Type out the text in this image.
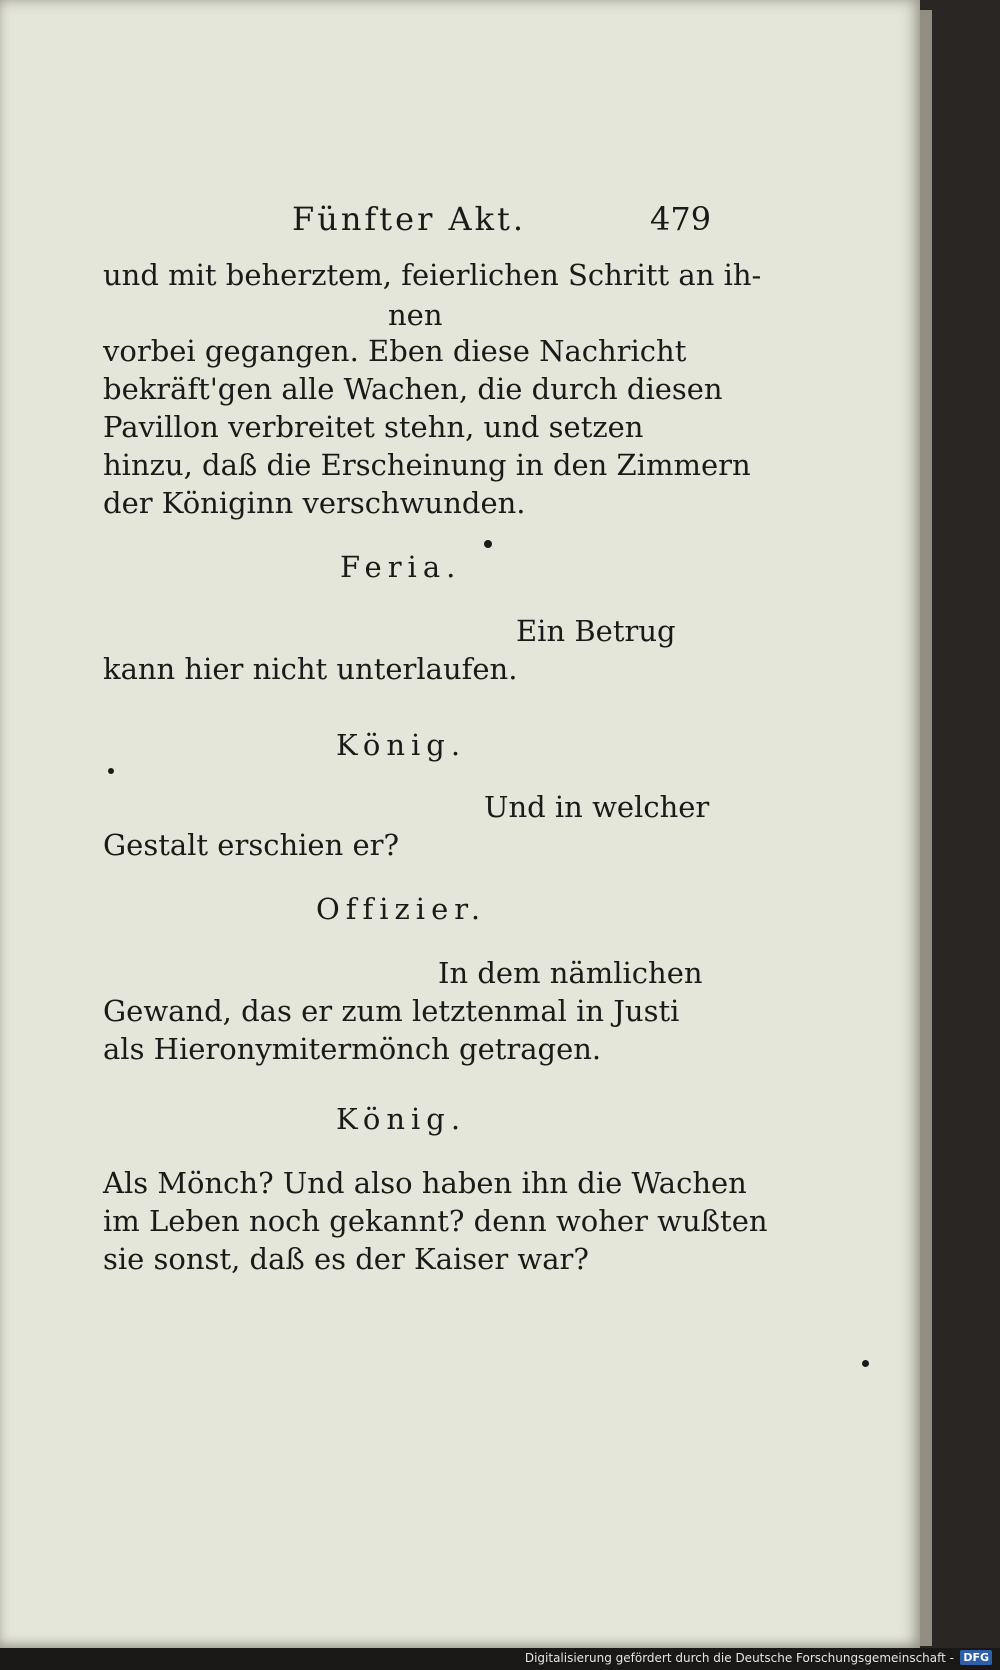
Fünfter Akt.	479
und mit beherztem, feierlichen Schritt an ih-
nen
vorbei gegangen. Eben diese Nachricht
bekräft'gen alle Wachen, die durch diesen
Pavillon verbreitet stehn, und setzen
hinzu, daß die Erscheinung in den Zimmern
der Königinn verschwunden.
Feria.
Ein Betrug
kann hier nicht unterlaufen.
König.
Und in welcher
Gestalt erschien er?
Offizier.
In dem nämlichen
Gewand, das er zum letztenmal in Justi
als Hieronymitermönch getragen.
König.
Als Mönch? Und also haben ihn die Wachen
im Leben noch gekannt? denn woher wußten
sie sonst, daß es der Kaiser war?
Digitalisierung gefördert durch die Deutsche Forschungsgemeinschaft - DFG
